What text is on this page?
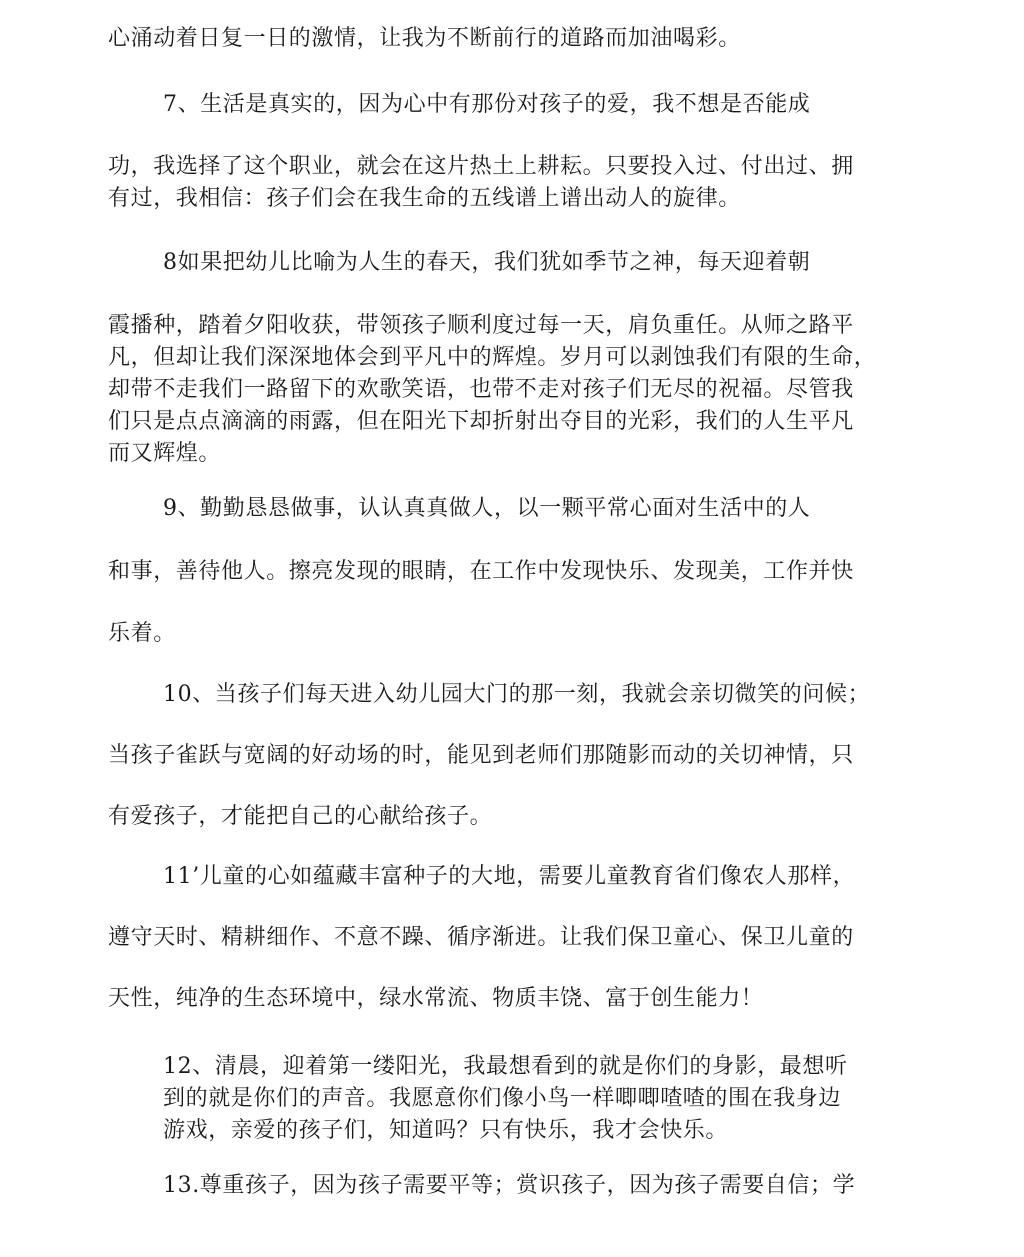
心涌动着日复一日的激情，让我为不断前行的道路而加油喝彩。
7、生活是真实的，因为心中有那份对孩子的爱，我不想是否能成
功，我选择了这个职业，就会在这片热土上耕耘。只要投入过、付出过、拥
有过，我相信：孩子们会在我生命的五线谱上谱出动人的旋律。
8如果把幼儿比喻为人生的春天，我们犹如季节之神，每天迎着朝
霞播种，踏着夕阳收获，带领孩子顺利度过每一天，肩负重任。从师之路平
凡，但却让我们深深地体会到平凡中的辉煌。岁月可以剥蚀我们有限的生命，
却带不走我们一路留下的欢歌笑语，也带不走对孩子们无尽的祝福。尽管我
们只是点点滴滴的雨露，但在阳光下却折射出夺目的光彩，我们的人生平凡
而又辉煌。
9、勤勤恳恳做事，认认真真做人，以一颗平常心面对生活中的人
和事，善待他人。擦亮发现的眼睛，在工作中发现快乐、发现美，工作并快
乐着。
10、当孩子们每天进入幼儿园大门的那一刻，我就会亲切微笑的问候；
当孩子雀跃与宽阔的好动场的时，能见到老师们那随影而动的关切神情，只
有爱孩子，才能把自己的心献给孩子。
11’儿童的心如蕴藏丰富种子的大地，需要儿童教育省们像农人那样，
遵守天时、精耕细作、不意不躁、循序渐进。让我们保卫童心、保卫儿童的
天性，纯净的生态环境中，绿水常流、物质丰饶、富于创生能力！
12、清晨，迎着第一缕阳光，我最想看到的就是你们的身影，最想听
到的就是你们的声音。我愿意你们像小鸟一样唧唧喳喳的围在我身边
游戏，亲爱的孩子们，知道吗？只有快乐，我才会快乐。
13.尊重孩子，因为孩子需要平等；赏识孩子，因为孩子需要自信；学
